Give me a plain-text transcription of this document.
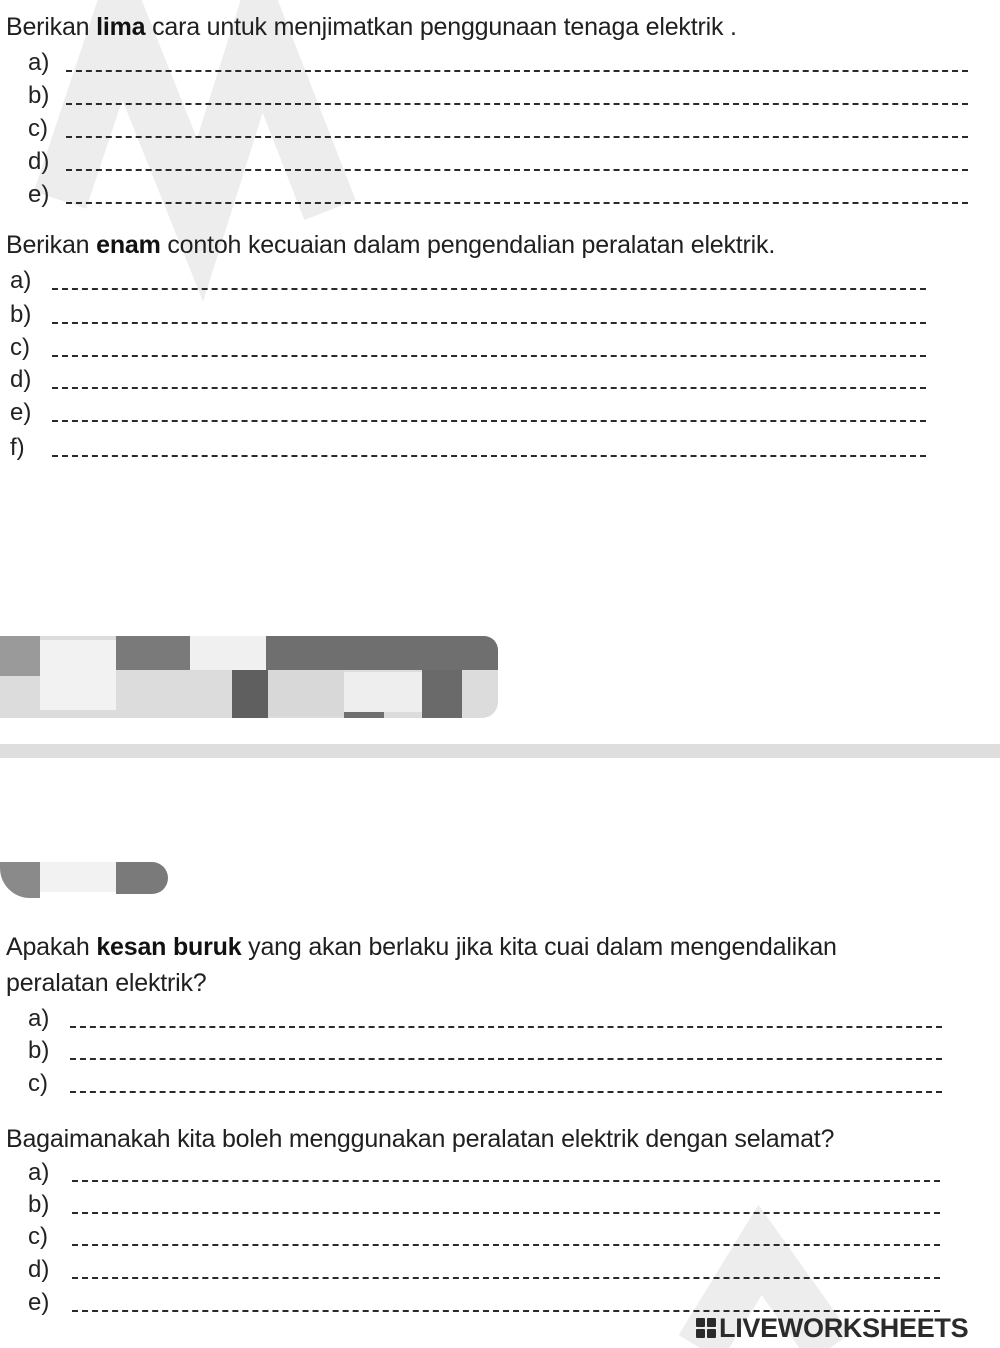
Berikan lima cara untuk menjimatkan penggunaan tenaga elektrik .
a)
b)
c)
d)
e)
Berikan enam contoh kecuaian dalam pengendalian peralatan elektrik.
a)
b)
c)
d)
e)
f)
Apakah kesan buruk yang akan berlaku jika kita cuai dalam mengendalikan
peralatan elektrik?
a)
b)
c)
Bagaimanakah kita boleh menggunakan peralatan elektrik dengan selamat?
a)
b)
c)
d)
e)
LIVEWORKSHEETS
